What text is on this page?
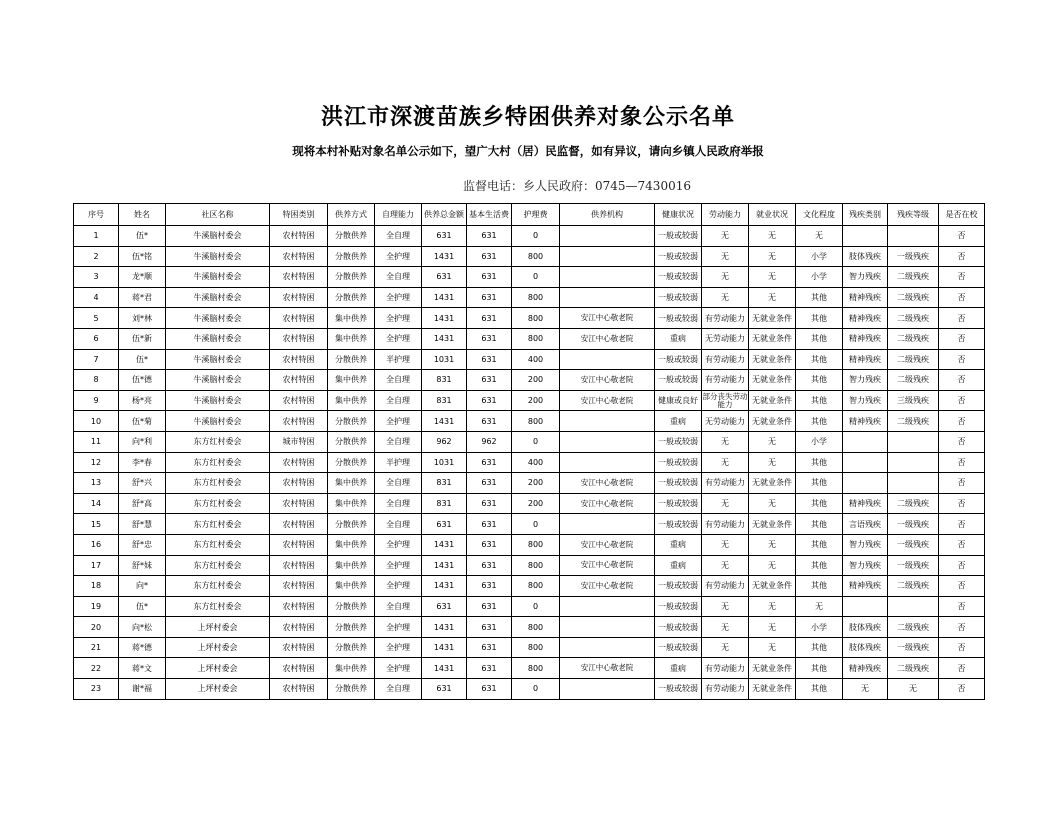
洪江市深渡苗族乡特困供养对象公示名单
现将本村补贴对象名单公示如下，望广大村（居）民监督，如有异议，请向乡镇人民政府举报
监督电话：乡人民政府：0745—7430016
序号	姓名	社区名称	特困类别	供养方式	自理能力	供养总金额	基本生活费	护理费	供养机构	健康状况	劳动能力	就业状况	文化程度	残疾类别	残疾等级	是否在校
1	伍*	牛溪脑村委会	农村特困	分散供养	全自理	631	631	0		一般或较弱	无	无	无			否
2	伍*铭	牛溪脑村委会	农村特困	分散供养	全护理	1431	631	800		一般或较弱	无	无	小学	肢体残疾	一级残疾	否
3	龙*顺	牛溪脑村委会	农村特困	分散供养	全自理	631	631	0		一般或较弱	无	无	小学	智力残疾	二级残疾	否
4	蒋*君	牛溪脑村委会	农村特困	分散供养	全护理	1431	631	800		一般或较弱	无	无	其他	精神残疾	二级残疾	否
5	刘*林	牛溪脑村委会	农村特困	集中供养	全护理	1431	631	800	安江中心敬老院	一般或较弱	有劳动能力	无就业条件	其他	精神残疾	二级残疾	否
6	伍*新	牛溪脑村委会	农村特困	集中供养	全护理	1431	631	800	安江中心敬老院	重病	无劳动能力	无就业条件	其他	精神残疾	二级残疾	否
7	伍*	牛溪脑村委会	农村特困	分散供养	半护理	1031	631	400		一般或较弱	有劳动能力	无就业条件	其他	精神残疾	二级残疾	否
8	伍*德	牛溪脑村委会	农村特困	集中供养	全自理	831	631	200	安江中心敬老院	一般或较弱	有劳动能力	无就业条件	其他	智力残疾	二级残疾	否
9	杨*亮	牛溪脑村委会	农村特困	集中供养	全自理	831	631	200	安江中心敬老院	健康或良好	部分丧失劳动能力	无就业条件	其他	智力残疾	三级残疾	否
10	伍*菊	牛溪脑村委会	农村特困	分散供养	全护理	1431	631	800		重病	无劳动能力	无就业条件	其他	精神残疾	二级残疾	否
11	向*利	东方红村委会	城市特困	分散供养	全自理	962	962	0		一般或较弱	无	无	小学			否
12	李*春	东方红村委会	农村特困	分散供养	半护理	1031	631	400		一般或较弱	无	无	其他			否
13	舒*兴	东方红村委会	农村特困	集中供养	全自理	831	631	200	安江中心敬老院	一般或较弱	有劳动能力	无就业条件	其他			否
14	舒*高	东方红村委会	农村特困	集中供养	全自理	831	631	200	安江中心敬老院	一般或较弱	无	无	其他	精神残疾	二级残疾	否
15	舒*慧	东方红村委会	农村特困	分散供养	全自理	631	631	0		一般或较弱	有劳动能力	无就业条件	其他	言语残疾	一级残疾	否
16	舒*忠	东方红村委会	农村特困	集中供养	全护理	1431	631	800	安江中心敬老院	重病	无	无	其他	智力残疾	一级残疾	否
17	舒*妹	东方红村委会	农村特困	集中供养	全护理	1431	631	800	安江中心敬老院	重病	无	无	其他	智力残疾	一级残疾	否
18	向*	东方红村委会	农村特困	集中供养	全护理	1431	631	800	安江中心敬老院	一般或较弱	有劳动能力	无就业条件	其他	精神残疾	二级残疾	否
19	伍*	东方红村委会	农村特困	分散供养	全自理	631	631	0		一般或较弱	无	无	无			否
20	向*松	上坪村委会	农村特困	分散供养	全护理	1431	631	800		一般或较弱	无	无	小学	肢体残疾	二级残疾	否
21	蒋*德	上坪村委会	农村特困	分散供养	全护理	1431	631	800		一般或较弱	无	无	其他	肢体残疾	一级残疾	否
22	蒋*文	上坪村委会	农村特困	集中供养	全护理	1431	631	800	安江中心敬老院	重病	有劳动能力	无就业条件	其他	精神残疾	二级残疾	否
23	谢*福	上坪村委会	农村特困	分散供养	全自理	631	631	0		一般或较弱	有劳动能力	无就业条件	其他	无	无	否
